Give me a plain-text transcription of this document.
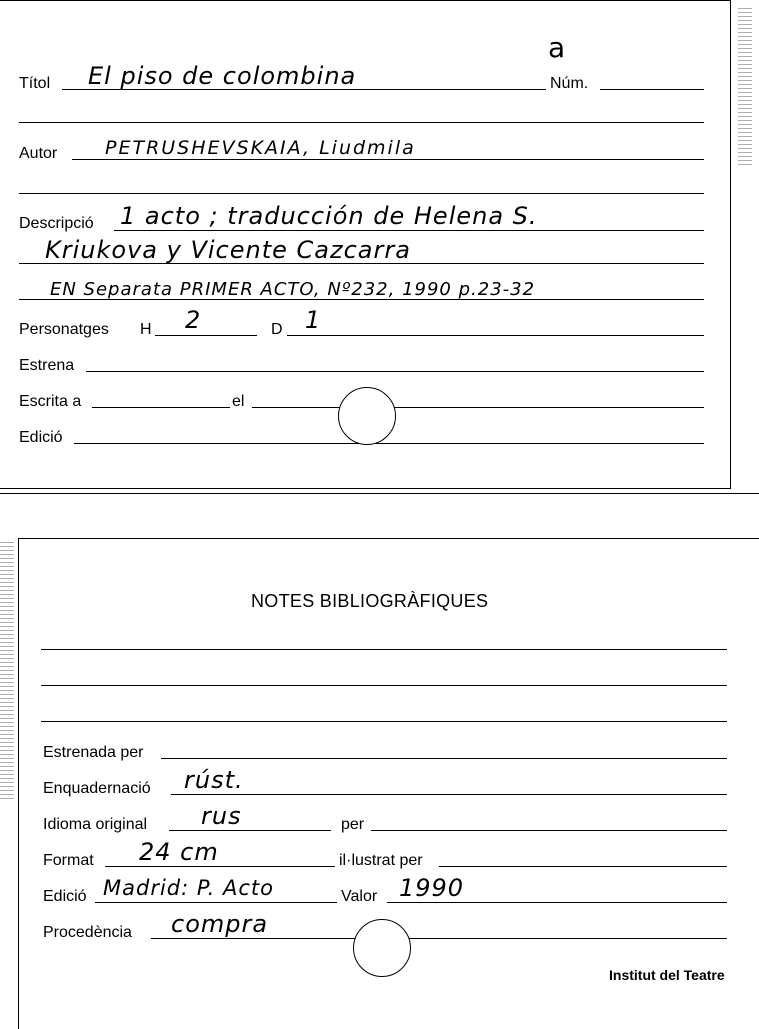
a
Títol El piso de colombina	Núm.
Autor	PETRUSHEVSKAIA, Liudmila
Descripció 1 acto ; traducción de Helena S.
Kriukova y Vicente Cazcarra
EN Separata PRIMER ACTO, Nº232, 1990 p.23-32
Personatges H 2	D 1
Estrena
Escrita a	el
Edició
NOTES BIBLIOGRÀFIQUES
Estrenada per
Enquadernació rúst.
Idioma original rus	per
Format 24 cm	il·lustrat per
Edició Madrid: P. Acto	Valor 1990
Procedència compra
Institut del Teatre
